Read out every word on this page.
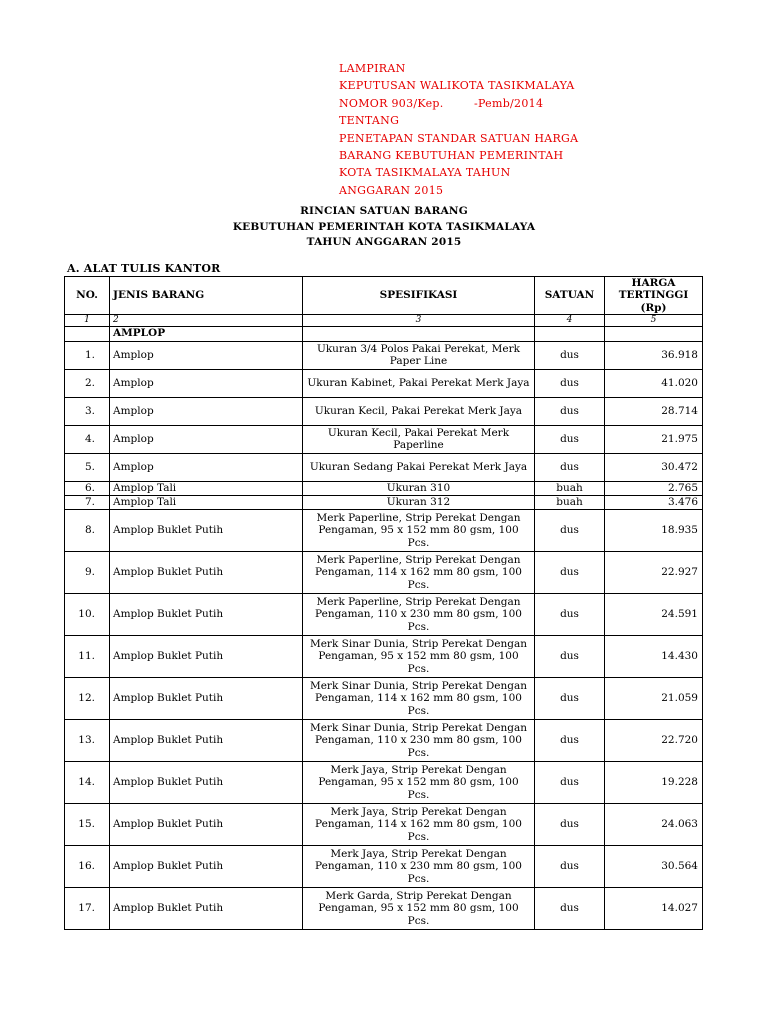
LAMPIRAN
KEPUTUSAN WALIKOTA TASIKMALAYA
NOMOR 903/Kep.        -Pemb/2014
TENTANG
PENETAPAN STANDAR SATUAN HARGA
BARANG KEBUTUHAN PEMERINTAH
KOTA TASIKMALAYA TAHUN
ANGGARAN 2015
RINCIAN SATUAN BARANG
KEBUTUHAN PEMERINTAH KOTA TASIKMALAYA
TAHUN ANGGARAN 2015
A. ALAT TULIS KANTOR
NO.	JENIS BARANG	SPESIFIKASI	SATUAN	HARGA TERTINGGI (Rp)
1	2	3	4	5
	AMPLOP			
1.	Amplop	Ukuran 3/4 Polos Pakai Perekat, Merk Paper Line	dus	36.918
2.	Amplop	Ukuran Kabinet, Pakai Perekat Merk Jaya	dus	41.020
3.	Amplop	Ukuran Kecil, Pakai Perekat Merk Jaya	dus	28.714
4.	Amplop	Ukuran Kecil, Pakai Perekat Merk Paperline	dus	21.975
5.	Amplop	Ukuran Sedang Pakai Perekat Merk Jaya	dus	30.472
6.	Amplop Tali	Ukuran 310	buah	2.765
7.	Amplop Tali	Ukuran 312	buah	3.476
8.	Amplop Buklet Putih	Merk Paperline, Strip Perekat Dengan Pengaman, 95 x 152 mm 80 gsm, 100 Pcs.	dus	18.935
9.	Amplop Buklet Putih	Merk Paperline, Strip Perekat Dengan Pengaman, 114 x 162 mm 80 gsm, 100 Pcs.	dus	22.927
10.	Amplop Buklet Putih	Merk Paperline, Strip Perekat Dengan Pengaman, 110 x 230 mm 80 gsm, 100 Pcs.	dus	24.591
11.	Amplop Buklet Putih	Merk Sinar Dunia, Strip Perekat Dengan Pengaman, 95 x 152 mm 80 gsm, 100 Pcs.	dus	14.430
12.	Amplop Buklet Putih	Merk Sinar Dunia, Strip Perekat Dengan Pengaman, 114 x 162 mm 80 gsm, 100 Pcs.	dus	21.059
13.	Amplop Buklet Putih	Merk Sinar Dunia, Strip Perekat Dengan Pengaman, 110 x 230 mm 80 gsm, 100 Pcs.	dus	22.720
14.	Amplop Buklet Putih	Merk Jaya, Strip Perekat Dengan Pengaman, 95 x 152 mm 80 gsm, 100 Pcs.	dus	19.228
15.	Amplop Buklet Putih	Merk Jaya, Strip Perekat Dengan Pengaman, 114 x 162 mm 80 gsm, 100 Pcs.	dus	24.063
16.	Amplop Buklet Putih	Merk Jaya, Strip Perekat Dengan Pengaman, 110 x 230 mm 80 gsm, 100 Pcs.	dus	30.564
17.	Amplop Buklet Putih	Merk Garda, Strip Perekat Dengan Pengaman, 95 x 152 mm 80 gsm, 100 Pcs.	dus	14.027
